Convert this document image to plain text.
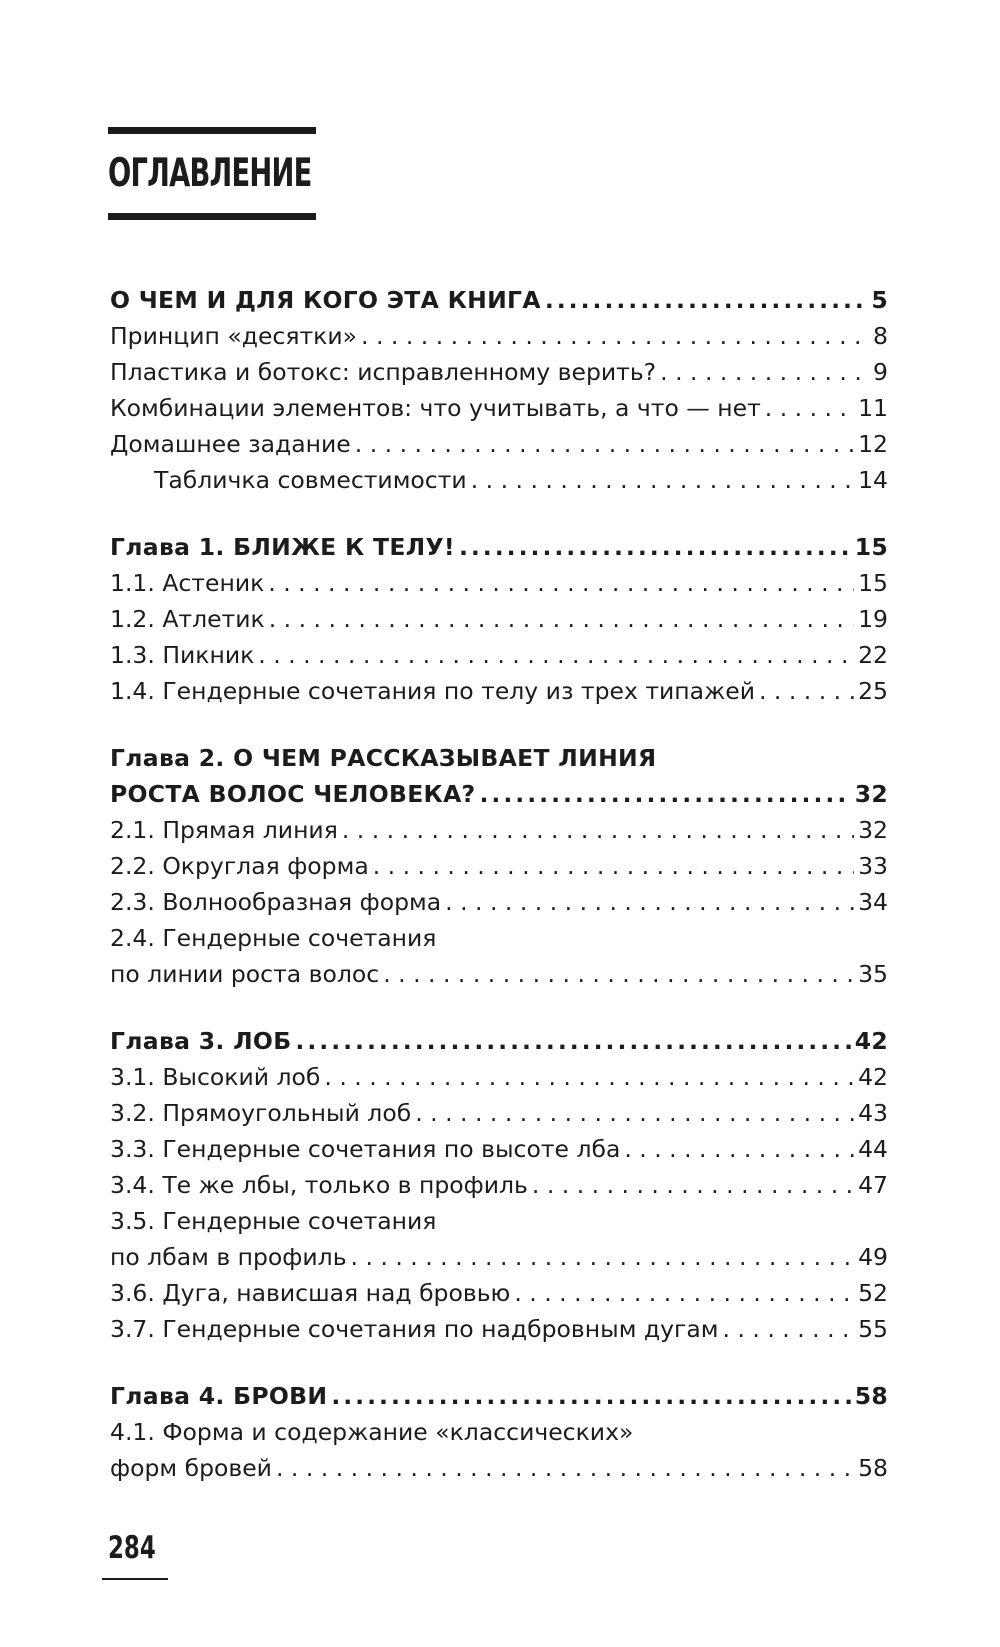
ОГЛАВЛЕНИЕ
О ЧЕМ И ДЛЯ КОГО ЭТА КНИГА .....	5
Принцип «десятки» . . .	8
Пластика и ботокс: исправленному верить? . . .	9
Комбинации элементов: что учитывать, а что — нет . . .	11
Домашнее задание . . .	12
Табличка совместимости . . .	14
Глава 1. БЛИЖЕ К ТЕЛУ! .....	15
1.1. Астеник . . .	15
1.2. Атлетик . . .	19
1.3. Пикник . . .	22
1.4. Гендерные сочетания по телу из трех типажей . . .	25
Глава 2. О ЧЕМ РАССКАЗЫВАЕТ ЛИНИЯ
РОСТА ВОЛОС ЧЕЛОВЕКА? .....	32
2.1. Прямая линия . . .	32
2.2. Округлая форма . . .	33
2.3. Волнообразная форма . . .	34
2.4. Гендерные сочетания
по линии роста волос . . .	35
Глава 3. ЛОБ .....	42
3.1. Высокий лоб . . .	42
3.2. Прямоугольный лоб . . .	43
3.3. Гендерные сочетания по высоте лба . . .	44
3.4. Те же лбы, только в профиль . . .	47
3.5. Гендерные сочетания
по лбам в профиль . . .	49
3.6. Дуга, нависшая над бровью . . .	52
3.7. Гендерные сочетания по надбровным дугам . . .	55
Глава 4. БРОВИ .....	58
4.1. Форма и содержание «классических»
форм бровей . . .	58
284
